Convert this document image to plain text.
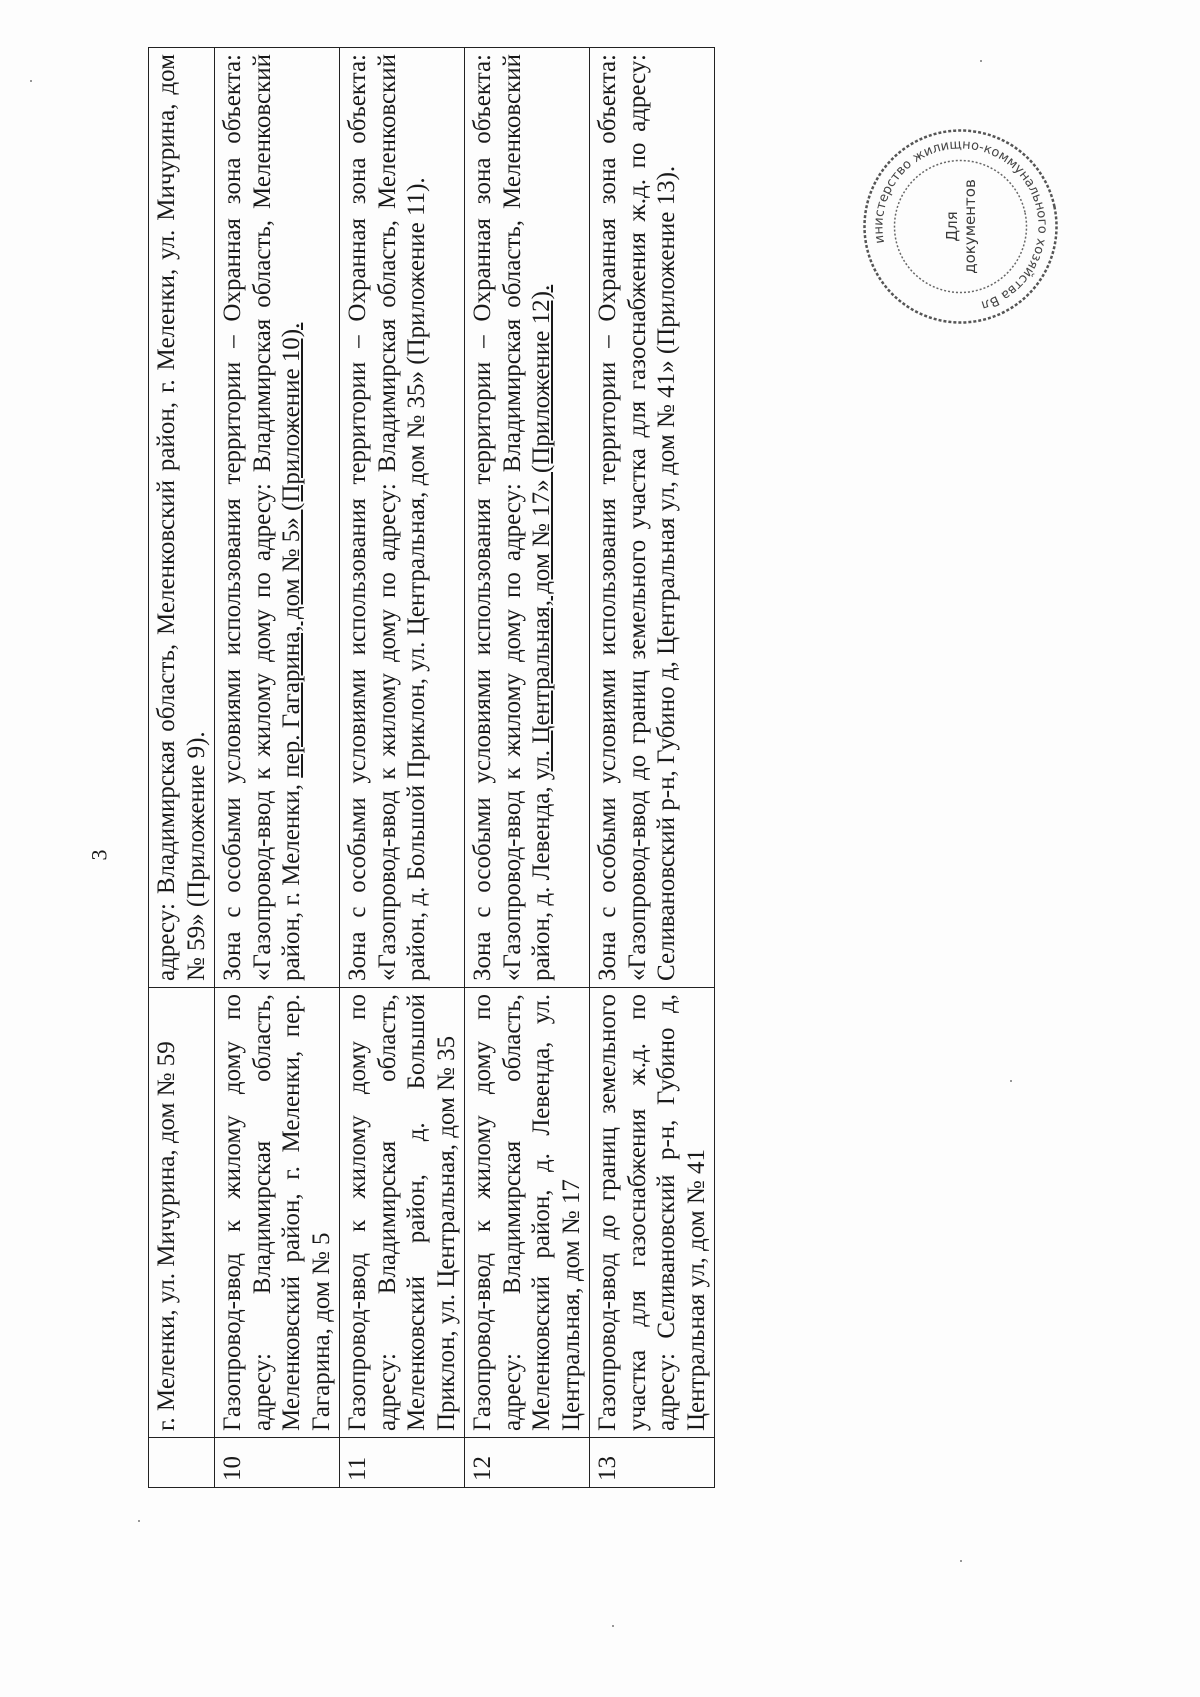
3
	г. Меленки, ул. Мичурина, дом № 59	адресу: Владимирская область, Меленковский район, г. Меленки, ул. Мичурина, дом № 59» (Приложение 9).
10	Газопровод-ввод к жилому дому по адресу: Владимирская область, Меленковский район, г. Меленки, пер. Гагарина, дом № 5	Зона с особыми условиями использования территории – Охранная зона объекта: «Газопровод-ввод к жилому дому по адресу: Владимирская область, Меленковский район, г. Меленки, пер. Гагарина, дом № 5» (Приложение 10).
11	Газопровод-ввод к жилому дому по адресу: Владимирская область, Меленковский район, д. Большой Приклон, ул. Центральная, дом № 35	Зона с особыми условиями использования территории – Охранная зона объекта: «Газопровод-ввод к жилому дому по адресу: Владимирская область, Меленковский район, д. Большой Приклон, ул. Центральная, дом № 35» (Приложение 11).
12	Газопровод-ввод к жилому дому по адресу: Владимирская область, Меленковский район, д. Левенда, ул. Центральная, дом № 17	Зона с особыми условиями использования территории – Охранная зона объекта: «Газопровод-ввод к жилому дому по адресу: Владимирская область, Меленковский район, д. Левенда, ул. Центральная, дом № 17» (Приложение 12).
13	Газопровод-ввод до границ земельного участка для газоснабжения ж.д. по адресу: Селивановский р-н, Губино д, Центральная ул, дом № 41	Зона с особыми условиями использования территории – Охранная зона объекта: «Газопровод-ввод до границ земельного участка для газоснабжения ж.д. по адресу: Селивановский р-н, Губино д, Центральная ул, дом № 41» (Приложение 13).	инистерство жилищно-коммунального хозяйства Вл
Для документов
